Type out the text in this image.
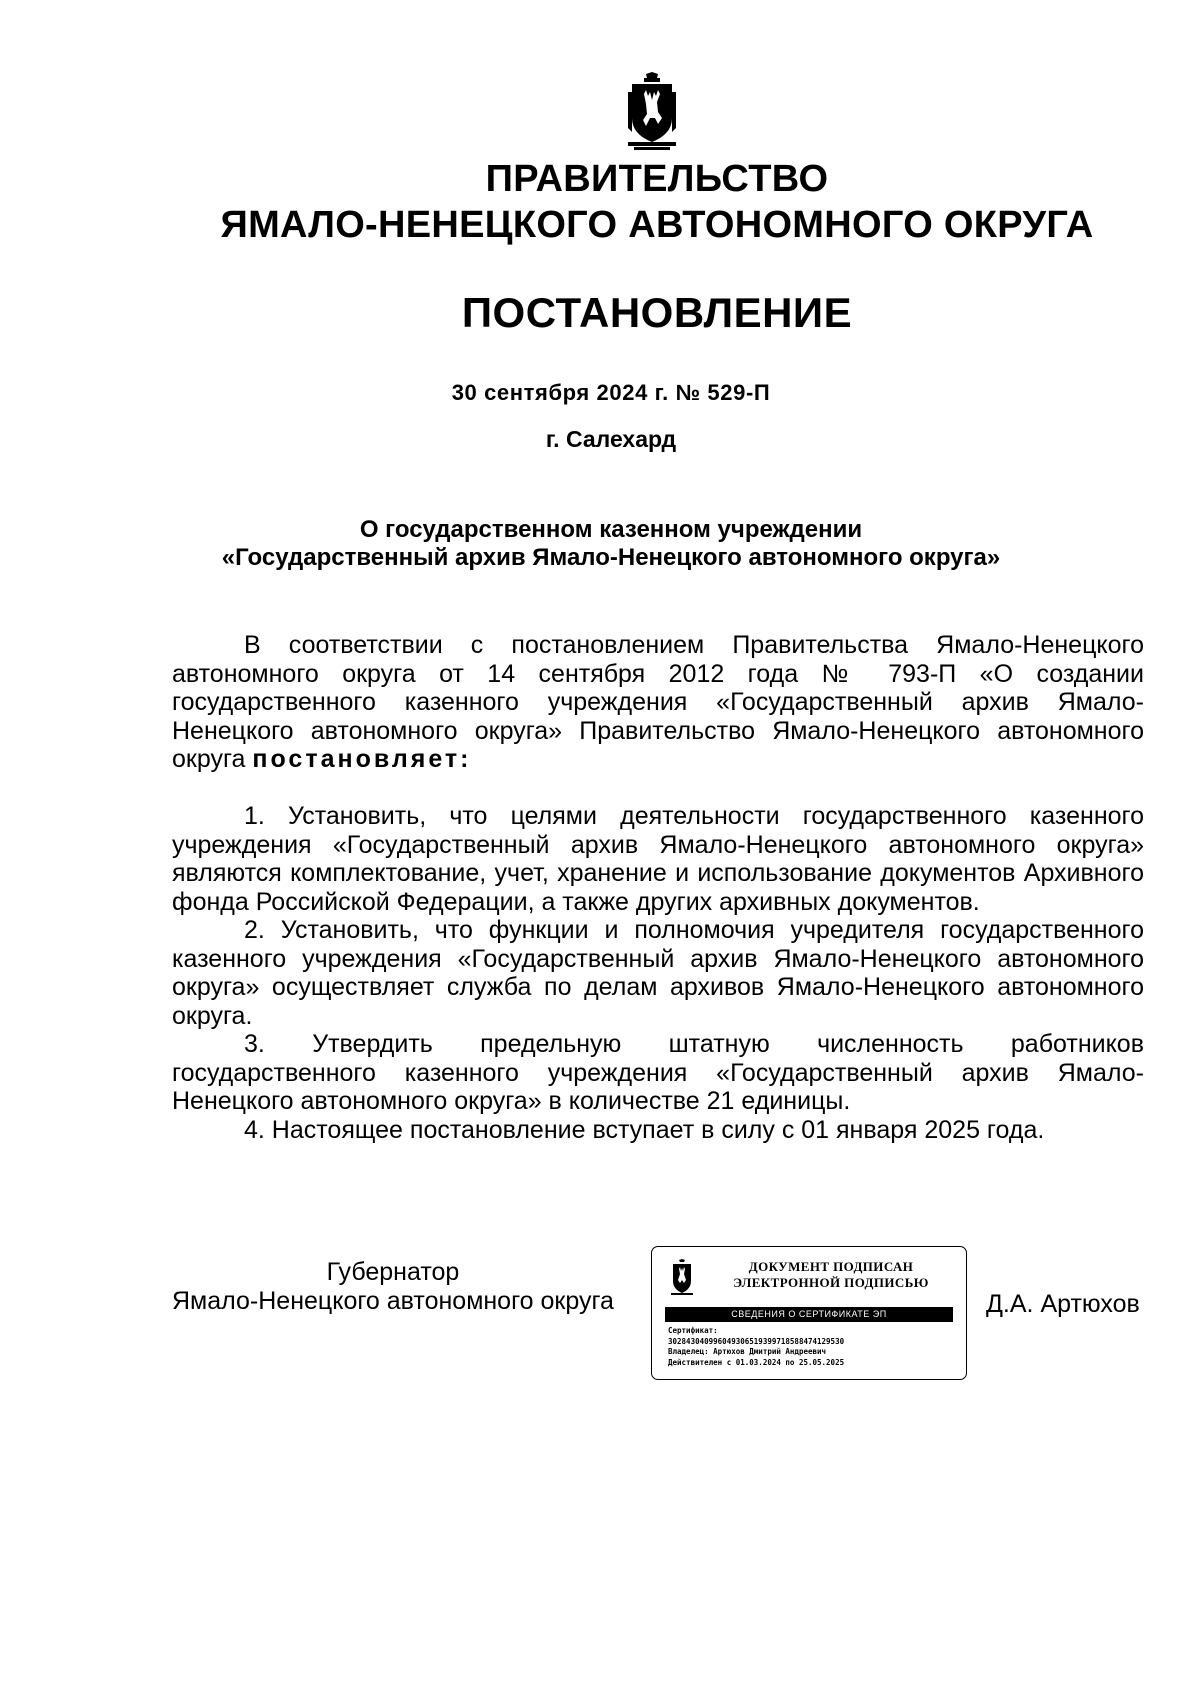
ПРАВИТЕЛЬСТВО
ЯМАЛО-НЕНЕЦКОГО АВТОНОМНОГО ОКРУГА
ПОСТАНОВЛЕНИЕ
30 сентября 2024 г. № 529-П
г. Салехард
О государственном казенном учреждении
«Государственный архив Ямало-Ненецкого автономного округа»

В соответствии с постановлением Правительства Ямало-Ненецкого автономного округа от 14 сентября 2012 года № 793-П «О создании государственного казенного учреждения «Государственный архив Ямало-Ненецкого автономного округа» Правительство Ямало-Ненецкого автономного округа постановляет:

1. Установить, что целями деятельности государственного казенного учреждения «Государственный архив Ямало-Ненецкого автономного округа» являются комплектование, учет, хранение и использование документов Архивного фонда Российской Федерации, а также других архивных документов.

2. Установить, что функции и полномочия учредителя государственного казенного учреждения «Государственный архив Ямало-Ненецкого автономного округа» осуществляет служба по делам архивов Ямало-Ненецкого автономного округа.

3. Утвердить предельную штатную численность работников государственного казенного учреждения «Государственный архив Ямало-Ненецкого автономного округа» в количестве 21 единицы.

4. Настоящее постановление вступает в силу с 01 января 2025 года.

Губернатор
Ямало-Ненецкого автономного округа
ДОКУМЕНТ ПОДПИСАН
ЭЛЕКТРОННОЙ ПОДПИСЬЮ
СВЕДЕНИЯ О СЕРТИФИКАТЕ ЭП
Сертификат:
302843040996049306519399718588474129530
Владелец: Артюхов Дмитрий Андреевич
Действителен с 01.03.2024 по 25.05.2025
Д.А. Артюхов
